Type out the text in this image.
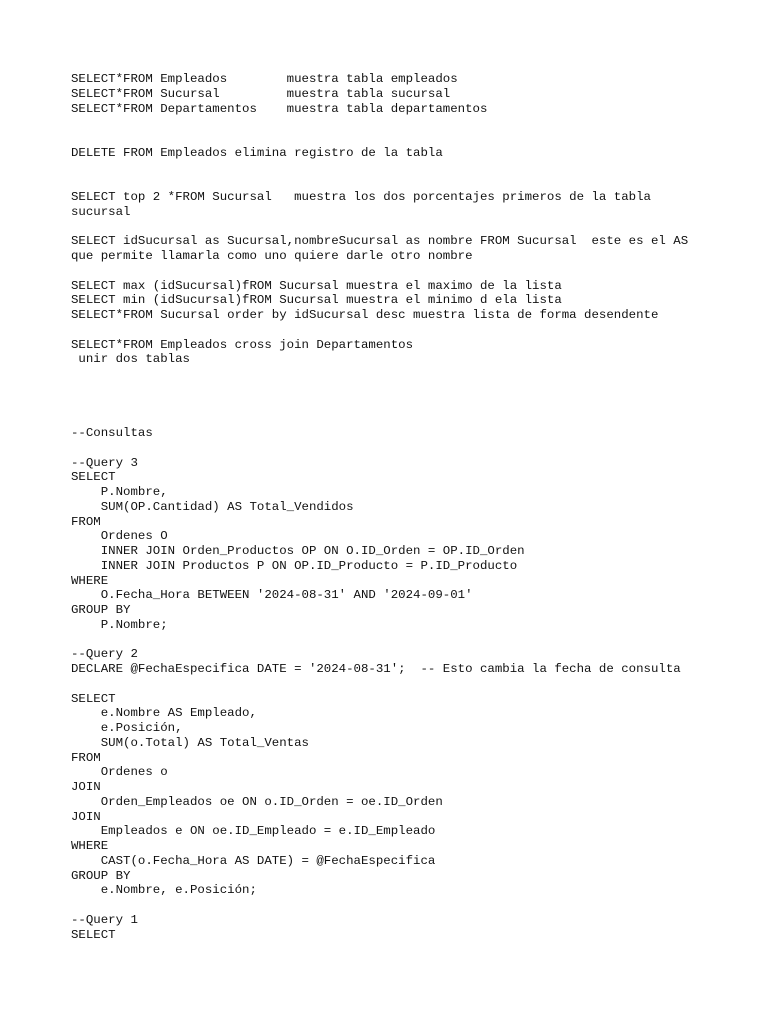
SELECT*FROM Empleados        muestra tabla empleados
SELECT*FROM Sucursal         muestra tabla sucursal
SELECT*FROM Departamentos    muestra tabla departamentos
DELETE FROM Empleados elimina registro de la tabla
SELECT top 2 *FROM Sucursal   muestra los dos porcentajes primeros de la tabla
sucursal
SELECT idSucursal as Sucursal,nombreSucursal as nombre FROM Sucursal  este es el AS
que permite llamarla como uno quiere darle otro nombre
SELECT max (idSucursal)fROM Sucursal muestra el maximo de la lista
SELECT min (idSucursal)fROM Sucursal muestra el minimo d ela lista
SELECT*FROM Sucursal order by idSucursal desc muestra lista de forma desendente
SELECT*FROM Empleados cross join Departamentos
unir dos tablas
--Consultas
--Query 3
SELECT
P.Nombre,
SUM(OP.Cantidad) AS Total_Vendidos
FROM
Ordenes O
INNER JOIN Orden_Productos OP ON O.ID_Orden = OP.ID_Orden
INNER JOIN Productos P ON OP.ID_Producto = P.ID_Producto
WHERE
O.Fecha_Hora BETWEEN '2024-08-31' AND '2024-09-01'
GROUP BY
P.Nombre;
--Query 2
DECLARE @FechaEspecifica DATE = '2024-08-31';  -- Esto cambia la fecha de consulta
SELECT
e.Nombre AS Empleado,
e.Posición,
SUM(o.Total) AS Total_Ventas
FROM
Ordenes o
JOIN
Orden_Empleados oe ON o.ID_Orden = oe.ID_Orden
JOIN
Empleados e ON oe.ID_Empleado = e.ID_Empleado
WHERE
CAST(o.Fecha_Hora AS DATE) = @FechaEspecifica
GROUP BY
e.Nombre, e.Posición;
--Query 1
SELECT
